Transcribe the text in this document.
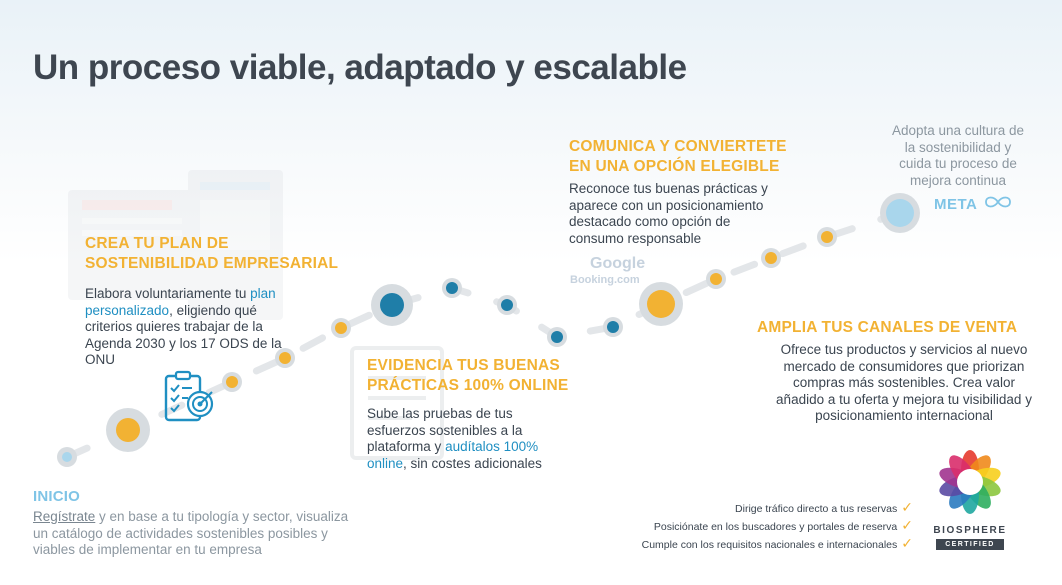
Google
Booking.com
Un proceso viable, adaptado y escalable
CREA TU PLAN DE
SOSTENIBILIDAD EMPRESARIAL
Elabora voluntariamente tu plan personalizado, eligiendo qué criterios quieres trabajar de la Agenda 2030 y los 17 ODS de la ONU	EVIDENCIA TUS BUENAS
PRÁCTICAS 100% ONLINE
Sube las pruebas de tus esfuerzos sostenibles a la plataforma y audítalos 100% online, sin costes adicionales
COMUNICA Y CONVIERTETE
EN UNA OPCIÓN ELEGIBLE
Reconoce tus buenas prácticas y aparece con un posicionamiento destacado como opción de consumo responsable
Adopta una cultura de la sostenibilidad y cuida tu proceso de mejora continua
META
AMPLIA TUS CANALES DE VENTA
Ofrece tus productos y servicios al nuevo mercado de consumidores que priorizan compras más sostenibles. Crea valor añadido a tu oferta y mejora tu visibilidad y posicionamiento internacional
INICIO
Regístrate y en base a tu tipología y sector, visualiza un catálogo de actividades sostenibles posibles y viables de implementar en tu empresa
Dirige tráfico directo a tus reservas ✓
Posiciónate en los buscadores y portales de reserva ✓
Cumple con los requisitos nacionales e internacionales ✓
BIOSPHERE
CERTIFIED
